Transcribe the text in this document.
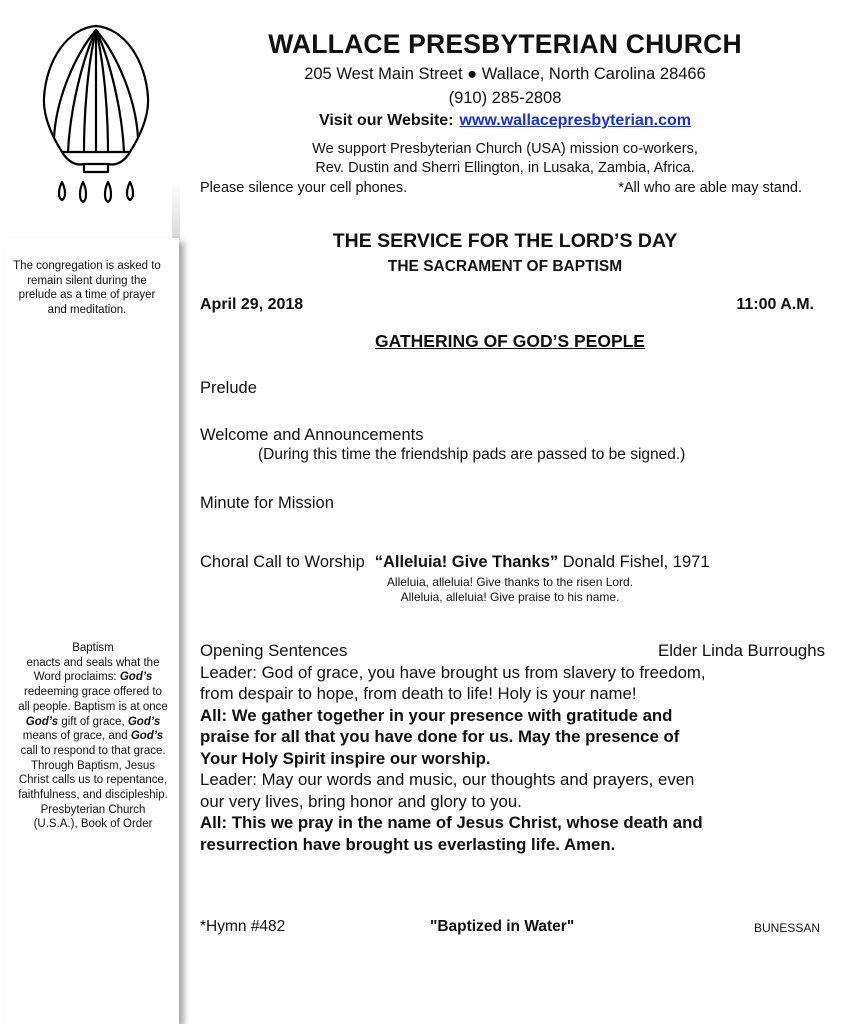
The congregation is asked to remain silent during the prelude as a time of prayer and meditation.
Baptism
enacts and seals what the Word proclaims: God’s redeeming grace offered to all people. Baptism is at once God’s gift of grace, God’s means of grace, and God’s call to respond to that grace. Through Baptism, Jesus Christ calls us to repentance, faithfulness, and discipleship. Presbyterian Church (U.S.A.), Book of Order
WALLACE PRESBYTERIAN CHURCH
205 West Main Street ● Wallace, North Carolina 28466
(910) 285-2808
Visit our Website: www.wallacepresbyterian.com
We support Presbyterian Church (USA) mission co-workers,
Rev. Dustin and Sherri Ellington, in Lusaka, Zambia, Africa.
Please silence your cell phones.	*All who are able may stand.
THE SERVICE FOR THE LORD’S DAY
THE SACRAMENT OF BAPTISM
April 29, 2018	11:00 A.M.
GATHERING OF GOD’S PEOPLE
Prelude
Welcome and Announcements
(During this time the friendship pads are passed to be signed.)
Minute for Mission
Choral Call to Worship “Alleluia! Give Thanks” Donald Fishel, 1971
Alleluia, alleluia! Give thanks to the risen Lord.
Alleluia, alleluia! Give praise to his name.
Opening Sentences	Elder Linda Burroughs
Leader: God of grace, you have brought us from slavery to freedom,
from despair to hope, from death to life! Holy is your name!
All: We gather together in your presence with gratitude and
praise for all that you have done for us. May the presence of
Your Holy Spirit inspire our worship.
Leader: May our words and music, our thoughts and prayers, even
our very lives, bring honor and glory to you.
All: This we pray in the name of Jesus Christ, whose death and
resurrection have brought us everlasting life. Amen.
*Hymn #482	"Baptized in Water"	BUNESSAN
